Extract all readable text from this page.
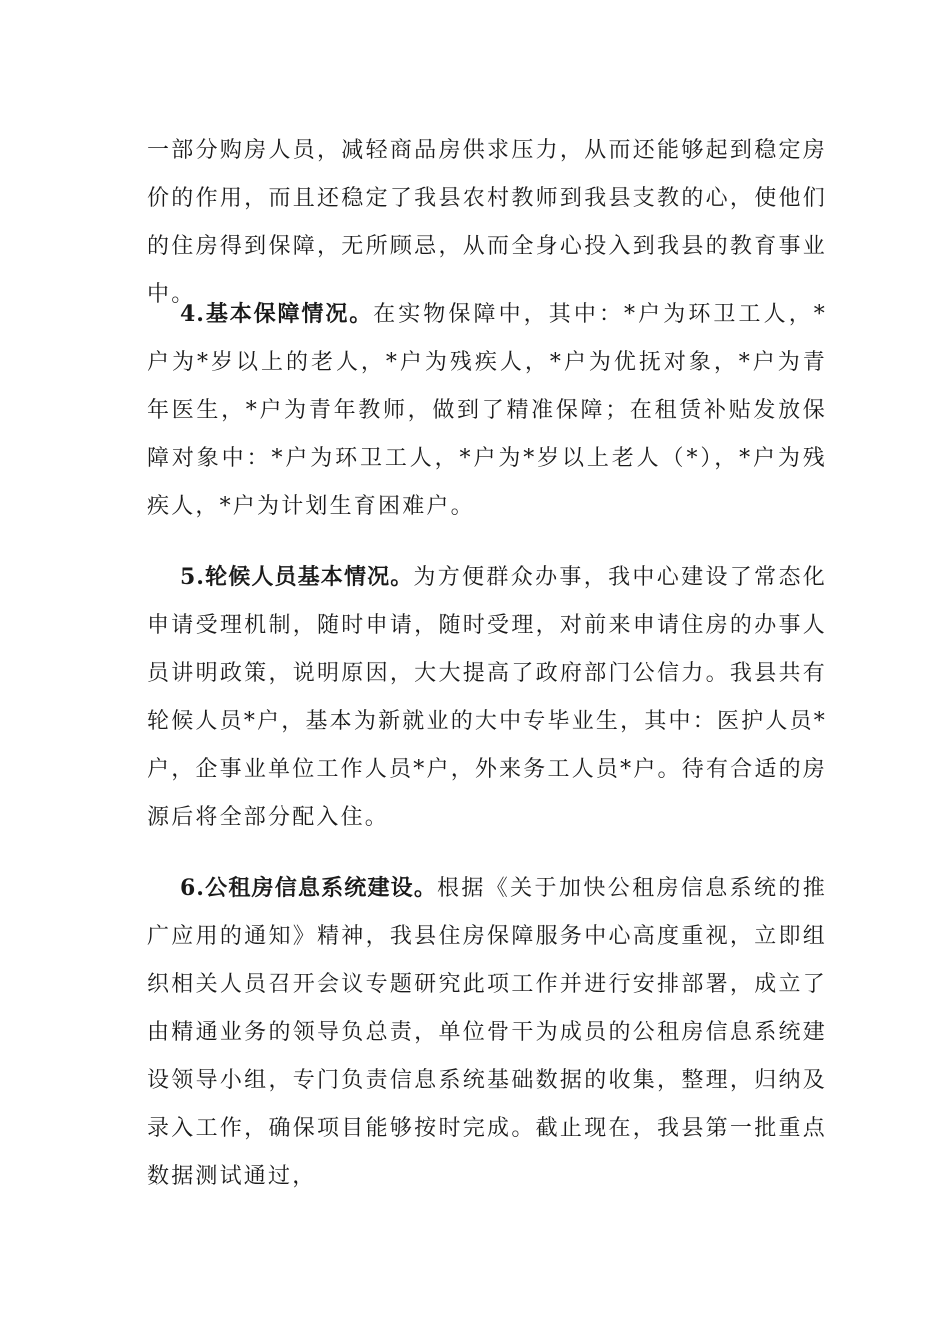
一部分购房人员，减轻商品房供求压力，从而还能够起到稳定房价的作用，而且还稳定了我县农村教师到我县支教的心，使他们的住房得到保障，无所顾忌，从而全身心投入到我县的教育事业中。

4.基本保障情况。在实物保障中，其中：*户为环卫工人，*户为*岁以上的老人，*户为残疾人，*户为优抚对象，*户为青年医生，*户为青年教师，做到了精准保障；在租赁补贴发放保障对象中：*户为环卫工人，*户为*岁以上老人（*），*户为残疾人，*户为计划生育困难户。

5.轮候人员基本情况。为方便群众办事，我中心建设了常态化申请受理机制，随时申请，随时受理，对前来申请住房的办事人员讲明政策，说明原因，大大提高了政府部门公信力。我县共有轮候人员*户，基本为新就业的大中专毕业生，其中：医护人员*户，企事业单位工作人员*户，外来务工人员*户。待有合适的房源后将全部分配入住。

6.公租房信息系统建设。根据《关于加快公租房信息系统的推广应用的通知》精神，我县住房保障服务中心高度重视，立即组织相关人员召开会议专题研究此项工作并进行安排部署，成立了由精通业务的领导负总责，单位骨干为成员的公租房信息系统建设领导小组，专门负责信息系统基础数据的收集，整理，归纳及录入工作，确保项目能够按时完成。截止现在，我县第一批重点数据测试通过，
